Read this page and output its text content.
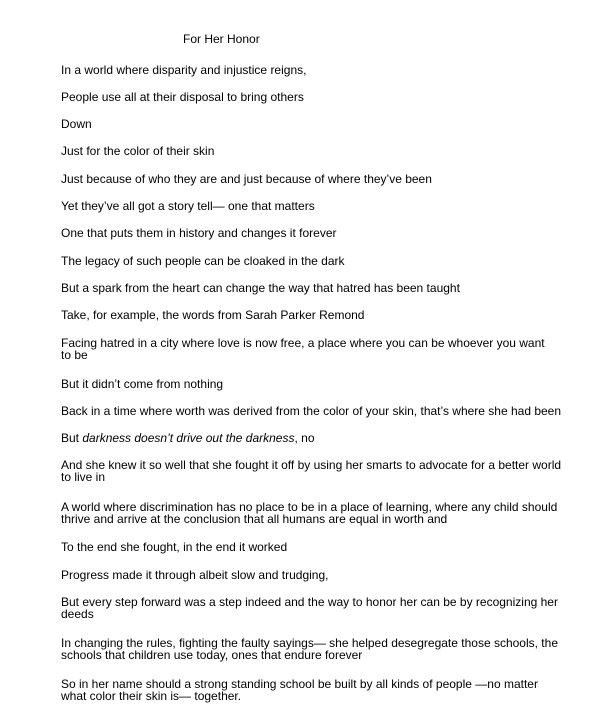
For Her Honor
In a world where disparity and injustice reigns,
People use all at their disposal to bring others
Down
Just for the color of their skin
Just because of who they are and just because of where they’ve been
Yet they’ve all got a story tell— one that matters
One that puts them in history and changes it forever
The legacy of such people can be cloaked in the dark
But a spark from the heart can change the way that hatred has been taught
Take, for example, the words from Sarah Parker Remond
Facing hatred in a city where love is now free, a place where you can be whoever you want to be
But it didn’t come from nothing
Back in a time where worth was derived from the color of your skin, that’s where she had been
But darkness doesn’t drive out the darkness, no
And she knew it so well that she fought it off by using her smarts to advocate for a better world to live in
A world where discrimination has no place to be in a place of learning, where any child should thrive and arrive at the conclusion that all humans are equal in worth and
To the end she fought, in the end it worked
Progress made it through albeit slow and trudging,
But every step forward was a step indeed and the way to honor her can be by recognizing her deeds
In changing the rules, fighting the faulty sayings— she helped desegregate those schools, the schools that children use today, ones that endure forever
So in her name should a strong standing school be built by all kinds of people —no matter what color their skin is— together.
